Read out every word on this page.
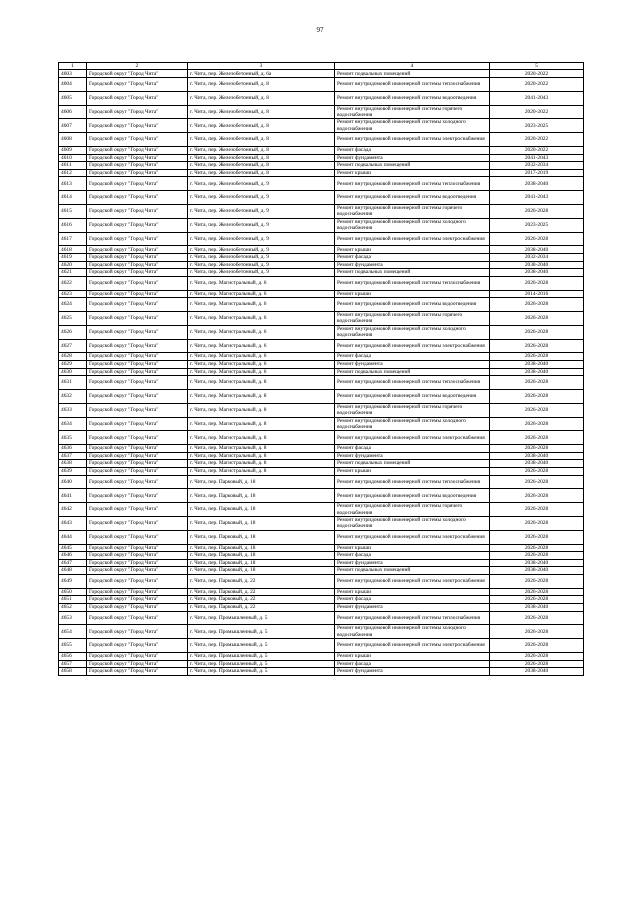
97
1	2	3	4	5
4603	Городской округ "Город Чита"	г. Чита, пер. Железобетонный, д. 6а	Ремонт подвальных помещений	2020-2022
4604	Городской округ "Город Чита"	г. Чита, пер. Железобетонный, д. 8	Ремонт внутридомовой инженерной системы теплоснабжения	2020-2022
4605	Городской округ "Город Чита"	г. Чита, пер. Железобетонный, д. 8	Ремонт внутридомовой инженерной системы водоотведения	2041-2043
4606	Городской округ "Город Чита"	г. Чита, пер. Железобетонный, д. 8	Ремонт внутридомовой инженерной системы горячего водоснабжения	2020-2022
4607	Городской округ "Город Чита"	г. Чита, пер. Железобетонный, д. 8	Ремонт внутридомовой инженерной системы холодного водоснабжения	2023-2025
4608	Городской округ "Город Чита"	г. Чита, пер. Железобетонный, д. 8	Ремонт внутридомовой инженерной системы электроснабжения	2020-2022
4609	Городской округ "Город Чита"	г. Чита, пер. Железобетонный, д. 8	Ремонт фасада	2020-2022
4610	Городской округ "Город Чита"	г. Чита, пер. Железобетонный, д. 8	Ремонт фундамента	2041-2043
4611	Городской округ "Город Чита"	г. Чита, пер. Железобетонный, д. 8	Ремонт подвальных помещений	2032-2034
4612	Городской округ "Город Чита"	г. Чита, пер. Железобетонный, д. 8	Ремонт крыши	2017-2019
4613	Городской округ "Город Чита"	г. Чита, пер. Железобетонный, д. 9	Ремонт внутридомовой инженерной системы теплоснабжения	2038-2040
4614	Городской округ "Город Чита"	г. Чита, пер. Железобетонный, д. 9	Ремонт внутридомовой инженерной системы водоотведения	2041-2043
4615	Городской округ "Город Чита"	г. Чита, пер. Железобетонный, д. 9	Ремонт внутридомовой инженерной системы горячего водоснабжения	2026-2028
4616	Городской округ "Город Чита"	г. Чита, пер. Железобетонный, д. 9	Ремонт внутридомовой инженерной системы холодного водоснабжения	2023-2025
4617	Городской округ "Город Чита"	г. Чита, пер. Железобетонный, д. 9	Ремонт внутридомовой инженерной системы электроснабжения	2026-2028
4618	Городской округ "Город Чита"	г. Чита, пер. Железобетонный, д. 9	Ремонт крыши	2038-2040
4619	Городской округ "Город Чита"	г. Чита, пер. Железобетонный, д. 9	Ремонт фасада	2032-2034
4620	Городской округ "Город Чита"	г. Чита, пер. Железобетонный, д. 9	Ремонт фундамента	2038-2040
4621	Городской округ "Город Чита"	г. Чита, пер. Железобетонный, д. 9	Ремонт подвальных помещений	2038-2040
4622	Городской округ "Город Чита"	г. Чита, пер. Магистральный, д. 6	Ремонт внутридомовой инженерной системы теплоснабжения	2026-2028
4623	Городской округ "Город Чита"	г. Чита, пер. Магистральный, д. 6	Ремонт крыши	2014-2016
4624	Городской округ "Город Чита"	г. Чита, пер. Магистральный, д. 6	Ремонт внутридомовой инженерной системы водоотведения	2026-2028
4625	Городской округ "Город Чита"	г. Чита, пер. Магистральный, д. 6	Ремонт внутридомовой инженерной системы горячего водоснабжения	2026-2028
4626	Городской округ "Город Чита"	г. Чита, пер. Магистральный, д. 6	Ремонт внутридомовой инженерной системы холодного водоснабжения	2026-2028
4627	Городской округ "Город Чита"	г. Чита, пер. Магистральный, д. 6	Ремонт внутридомовой инженерной системы электроснабжения	2026-2028
4628	Городской округ "Город Чита"	г. Чита, пер. Магистральный, д. 6	Ремонт фасада	2026-2028
4629	Городской округ "Город Чита"	г. Чита, пер. Магистральный, д. 6	Ремонт фундамента	2038-2040
4630	Городской округ "Город Чита"	г. Чита, пер. Магистральный, д. 6	Ремонт подвальных помещений	2038-2040
4631	Городской округ "Город Чита"	г. Чита, пер. Магистральный, д. 8	Ремонт внутридомовой инженерной системы теплоснабжения	2026-2028
4632	Городской округ "Город Чита"	г. Чита, пер. Магистральный, д. 8	Ремонт внутридомовой инженерной системы водоотведения	2026-2028
4633	Городской округ "Город Чита"	г. Чита, пер. Магистральный, д. 8	Ремонт внутридомовой инженерной системы горячего водоснабжения	2026-2028
4634	Городской округ "Город Чита"	г. Чита, пер. Магистральный, д. 8	Ремонт внутридомовой инженерной системы холодного водоснабжения	2026-2028
4635	Городской округ "Город Чита"	г. Чита, пер. Магистральный, д. 8	Ремонт внутридомовой инженерной системы электроснабжения	2026-2028
4636	Городской округ "Город Чита"	г. Чита, пер. Магистральный, д. 8	Ремонт фасада	2026-2028
4637	Городской округ "Город Чита"	г. Чита, пер. Магистральный, д. 8	Ремонт фундамента	2038-2040
4638	Городской округ "Город Чита"	г. Чита, пер. Магистральный, д. 8	Ремонт подвальных помещений	2038-2040
4639	Городской округ "Город Чита"	г. Чита, пер. Магистральный, д. 8	Ремонт крыши	2026-2028
4640	Городской округ "Город Чита"	г. Чита, пер. Парковый, д. 18	Ремонт внутридомовой инженерной системы теплоснабжения	2026-2028
4641	Городской округ "Город Чита"	г. Чита, пер. Парковый, д. 18	Ремонт внутридомовой инженерной системы водоотведения	2026-2028
4642	Городской округ "Город Чита"	г. Чита, пер. Парковый, д. 18	Ремонт внутридомовой инженерной системы горячего водоснабжения	2026-2028
4643	Городской округ "Город Чита"	г. Чита, пер. Парковый, д. 18	Ремонт внутридомовой инженерной системы холодного водоснабжения	2026-2028
4644	Городской округ "Город Чита"	г. Чита, пер. Парковый, д. 18	Ремонт внутридомовой инженерной системы электроснабжения	2026-2028
4645	Городской округ "Город Чита"	г. Чита, пер. Парковый, д. 18	Ремонт крыши	2026-2028
4646	Городской округ "Город Чита"	г. Чита, пер. Парковый, д. 18	Ремонт фасада	2026-2028
4647	Городской округ "Город Чита"	г. Чита, пер. Парковый, д. 18	Ремонт фундамента	2038-2040
4648	Городской округ "Город Чита"	г. Чита, пер. Парковый, д. 18	Ремонт подвальных помещений	2038-2040
4649	Городской округ "Город Чита"	г. Чита, пер. Парковый, д. 22	Ремонт внутридомовой инженерной системы электроснабжения	2026-2028
4650	Городской округ "Город Чита"	г. Чита, пер. Парковый, д. 22	Ремонт крыши	2026-2028
4651	Городской округ "Город Чита"	г. Чита, пер. Парковый, д. 22	Ремонт фасада	2026-2028
4652	Городской округ "Город Чита"	г. Чита, пер. Парковый, д. 22	Ремонт фундамента	2038-2040
4653	Городской округ "Город Чита"	г. Чита, пер. Промышленный, д. 5	Ремонт внутридомовой инженерной системы теплоснабжения	2026-2028
4654	Городской округ "Город Чита"	г. Чита, пер. Промышленный, д. 5	Ремонт внутридомовой инженерной системы холодного водоснабжения	2026-2028
4655	Городской округ "Город Чита"	г. Чита, пер. Промышленный, д. 5	Ремонт внутридомовой инженерной системы электроснабжения	2026-2028
4656	Городской округ "Город Чита"	г. Чита, пер. Промышленный, д. 5	Ремонт крыши	2026-2028
4657	Городской округ "Город Чита"	г. Чита, пер. Промышленный, д. 5	Ремонт фасада	2026-2028
4658	Городской округ "Город Чита"	г. Чита, пер. Промышленный, д. 5	Ремонт фундамента	2038-2040
